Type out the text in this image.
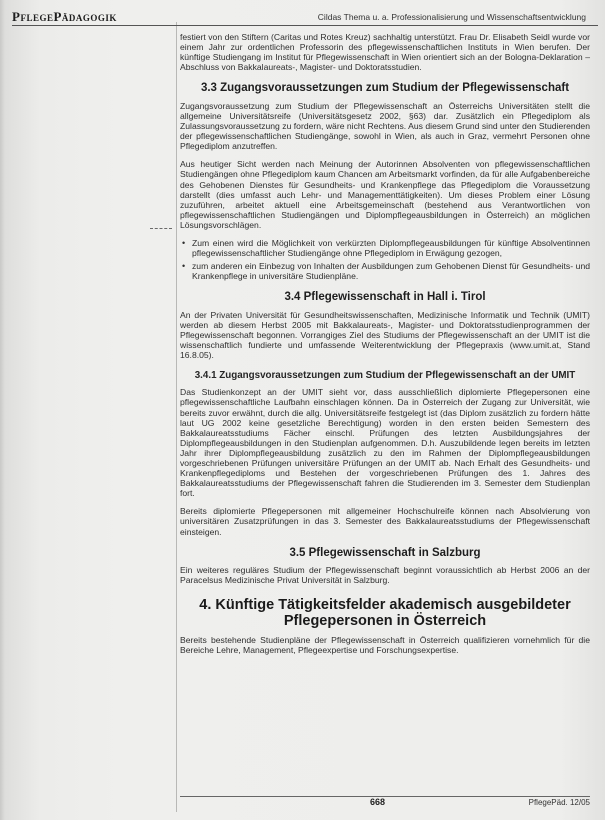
PflegePädagogik	Cildas Thema u. a. Professionalisierung und Wissenschaftsentwicklung

festiert von den Stiftern (Caritas und Rotes Kreuz) sachhaltig unterstützt. Frau Dr. Elisabeth Seidl wurde vor einem Jahr zur ordentlichen Professorin des pflegewissenschaftlichen Instituts in Wien berufen. Der künftige Studiengang im Institut für Pflegewissenschaft in Wien orientiert sich an der Bologna-Deklaration – Abschluss von Bakkalaureats-, Magister- und Doktoratsstudien.

3.3 Zugangsvoraussetzungen zum Studium der Pflegewissenschaft

Zugangsvoraussetzung zum Studium der Pflegewissenschaft an Österreichs Universitäten stellt die allgemeine Universitätsreife (Universitätsgesetz 2002, §63) dar. Zusätzlich ein Pflegediplom als Zulassungsvoraussetzung zu fordern, wäre nicht Rechtens. Aus diesem Grund sind unter den Studierenden der pflegewissenschaftlichen Studiengänge, sowohl in Wien, als auch in Graz, vermehrt Personen ohne Pflegediplom anzutreffen.

Aus heutiger Sicht werden nach Meinung der Autorinnen Absolventen von pflegewissenschaftlichen Studiengängen ohne Pflegediplom kaum Chancen am Arbeitsmarkt vorfinden, da für alle Aufgabenbereiche des Gehobenen Dienstes für Gesundheits- und Krankenpflege das Pflegediplom die Voraussetzung darstellt (dies umfasst auch Lehr- und Managementtätigkeiten). Um dieses Problem einer Lösung zuzuführen, arbeitet aktuell eine Arbeitsgemeinschaft (bestehend aus Verantwortlichen von pflegewissenschaftlichen Studiengängen und Diplompflegeausbildungen in Österreich) an möglichen Lösungsvorschlägen.

• Zum einen wird die Möglichkeit von verkürzten Diplompflegeausbildungen für künftige Absolventinnen pflegewissenschaftlicher Studiengänge ohne Pflegediplom in Erwägung gezogen,
• zum anderen ein Einbezug von Inhalten der Ausbildungen zum Gehobenen Dienst für Gesundheits- und Krankenpflege in universitäre Studienpläne.
3.4 Pflegewissenschaft in Hall i. Tirol

An der Privaten Universität für Gesundheitswissenschaften, Medizinische Informatik und Technik (UMIT) werden ab diesem Herbst 2005 mit Bakkalaureats-, Magister- und Doktoratsstudienprogrammen der Pflegewissenschaft begonnen. Vorrangiges Ziel des Studiums der Pflegewissenschaft an der UMIT ist die wissenschaftlich fundierte und umfassende Weiterentwicklung der Pflegepraxis (www.umit.at, Stand 16.8.05).

3.4.1 Zugangsvoraussetzungen zum Studium der Pflegewissenschaft an der UMIT

Das Studienkonzept an der UMIT sieht vor, dass ausschließlich diplomierte Pflegepersonen eine pflegewissenschaftliche Laufbahn einschlagen können. Da in Österreich der Zugang zur Universität, wie bereits zuvor erwähnt, durch die allg. Universitätsreife festgelegt ist (das Diplom zusätzlich zu fordern hätte laut UG 2002 keine gesetzliche Berechtigung) worden in den ersten beiden Semestern des Bakkalaureatsstudiums Fächer einschl. Prüfungen des letzten Ausbildungsjahres der Diplompflegeausbildungen in den Studienplan aufgenommen. D.h. Auszubildende legen bereits im letzten Jahr ihrer Diplompflegeausbildung zusätzlich zu den im Rahmen der Diplompflegeausbildungen vorgeschriebenen Prüfungen universitäre Prüfungen an der UMIT ab. Nach Erhalt des Gesundheits- und Krankenpflegediploms und Bestehen der vorgeschriebenen Prüfungen des 1. Jahres des Bakkalaureatsstudiums der Pflegewissenschaft fahren die Studierenden im 3. Semester dem Studienplan fort.

Bereits diplomierte Pflegepersonen mit allgemeiner Hochschulreife können nach Absolvierung von universitären Zusatzprüfungen in das 3. Semester des Bakkalaureatsstudiums der Pflegewissenschaft einsteigen.

3.5 Pflegewissenschaft in Salzburg

Ein weiteres reguläres Studium der Pflegewissenschaft beginnt voraussichtlich ab Herbst 2006 an der Paracelsus Medizinische Privat Universität in Salzburg.

4. Künftige Tätigkeitsfelder akademisch ausgebildeter Pflegepersonen in Österreich

Bereits bestehende Studienpläne der Pflegewissenschaft in Österreich qualifizieren vornehmlich für die Bereiche Lehre, Management, Pflegeexpertise und Forschungsexpertise.

668	PflegePäd. 12/05
